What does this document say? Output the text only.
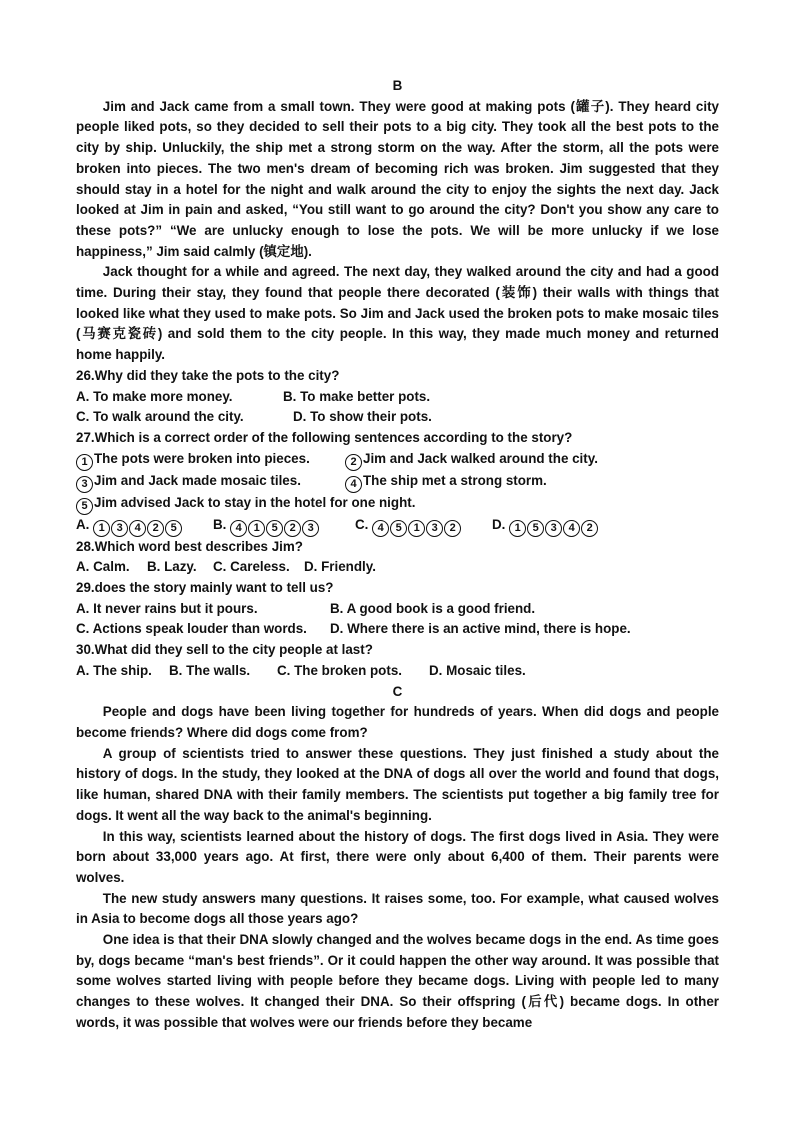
B

Jim and Jack came from a small town. They were good at making pots (罐子). They heard city people liked pots, so they decided to sell their pots to a big city. They took all the best pots to the city by ship. Unluckily, the ship met a strong storm on the way. After the storm, all the pots were broken into pieces. The two men's dream of becoming rich was broken. Jim suggested that they should stay in a hotel for the night and walk around the city to enjoy the sights the next day. Jack looked at Jim in pain and asked, “You still want to go around the city? Don't you show any care to these pots?” “We are unlucky enough to lose the pots. We will be more unlucky if we lose happiness,” Jim said calmly (镇定地).

Jack thought for a while and agreed. The next day, they walked around the city and had a good time. During their stay, they found that people there decorated (装饰) their walls with things that looked like what they used to make pots. So Jim and Jack used the broken pots to make mosaic tiles (马赛克瓷砖) and sold them to the city people. In this way, they made much money and returned home happily.

26.Why did they take the pots to the city?
A. To make more money.	B. To make better pots.
C. To walk around the city.	D. To show their pots.
27.Which is a correct order of the following sentences according to the story?
1 The pots were broken into pieces.	2 Jim and Jack walked around the city.
3 Jim and Jack made mosaic tiles.	4 The ship met a strong storm.
5 Jim advised Jack to stay in the hotel for one night.
A. 1 3 4 2 5	B. 4 1 5 2 3	C. 4 5 1 3 2	D. 1 5 3 4 2
28.Which word best describes Jim?
A. Calm.	B. Lazy.	C. Careless.	D. Friendly.
29.does the story mainly want to tell us?
A. It never rains but it pours.	B. A good book is a good friend.
C. Actions speak louder than words.	D. Where there is an active mind, there is hope.
30.What did they sell to the city people at last?
A. The ship.	B. The walls.	C. The broken pots.	D. Mosaic tiles.
C

People and dogs have been living together for hundreds of years. When did dogs and people become friends? Where did dogs come from?

A group of scientists tried to answer these questions. They just finished a study about the history of dogs. In the study, they looked at the DNA of dogs all over the world and found that dogs, like human, shared DNA with their family members. The scientists put together a big family tree for dogs. It went all the way back to the animal's beginning.

In this way, scientists learned about the history of dogs. The first dogs lived in Asia. They were born about 33,000 years ago. At first, there were only about 6,400 of them. Their parents were wolves.

The new study answers many questions. It raises some, too. For example, what caused wolves in Asia to become dogs all those years ago?

One idea is that their DNA slowly changed and the wolves became dogs in the end. As time goes by, dogs became “man's best friends”. Or it could happen the other way around. It was possible that some wolves started living with people before they became dogs. Living with people led to many changes to these wolves. It changed their DNA. So their offspring (后代) became dogs. In other words, it was possible that wolves were our friends before they became
